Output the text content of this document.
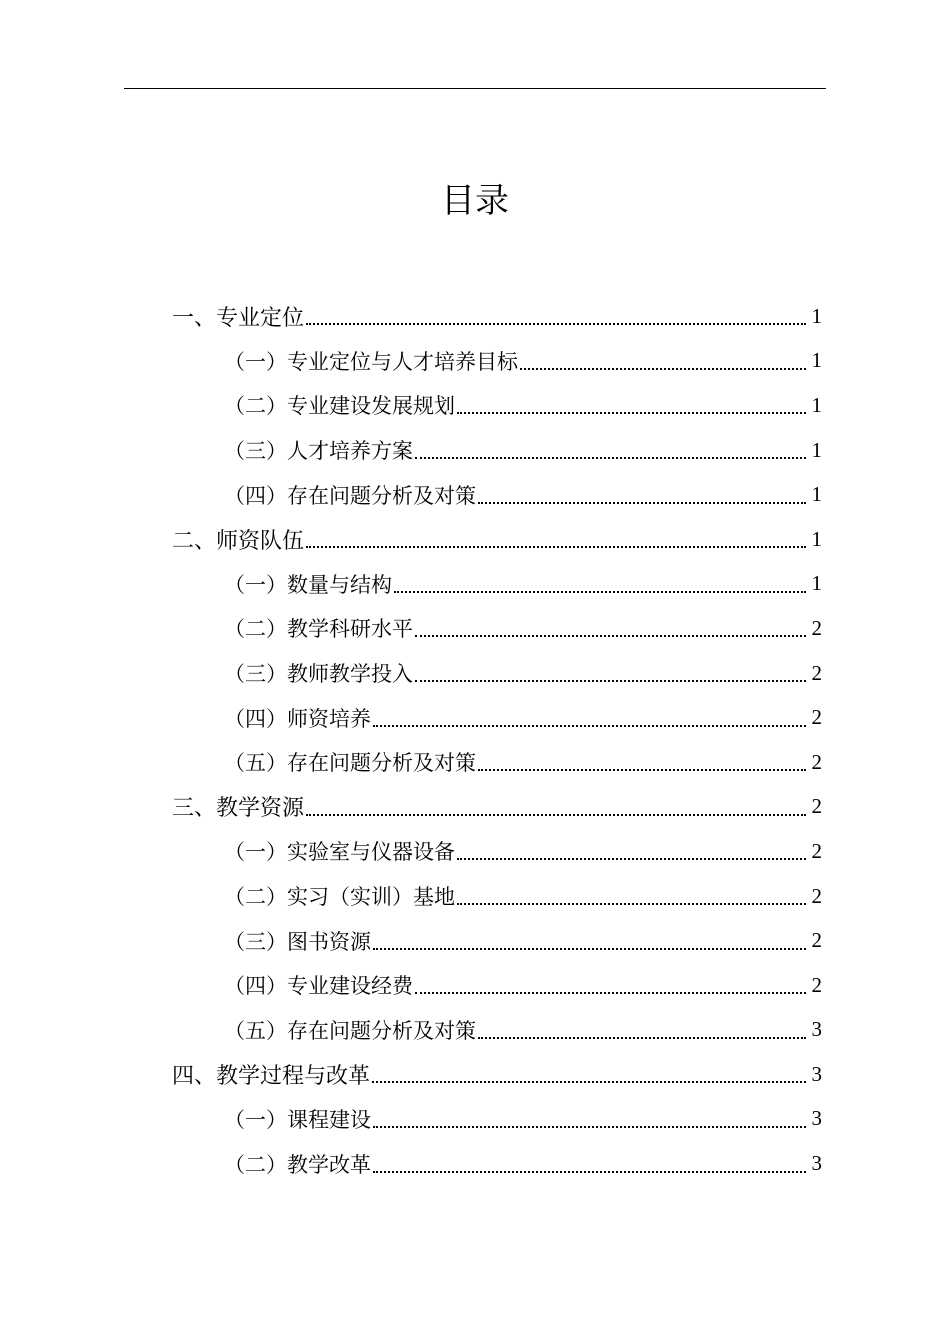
目录
一、专业定位	1
（一）专业定位与人才培养目标	1
（二）专业建设发展规划	1
（三）人才培养方案	1
（四）存在问题分析及对策	1
二、师资队伍	1
（一）数量与结构	1
（二）教学科研水平	2
（三）教师教学投入	2
（四）师资培养	2
（五）存在问题分析及对策	2
三、教学资源	2
（一）实验室与仪器设备	2
（二）实习（实训）基地	2
（三）图书资源	2
（四）专业建设经费	2
（五）存在问题分析及对策	3
四、教学过程与改革	3
（一）课程建设	3
（二）教学改革	3
